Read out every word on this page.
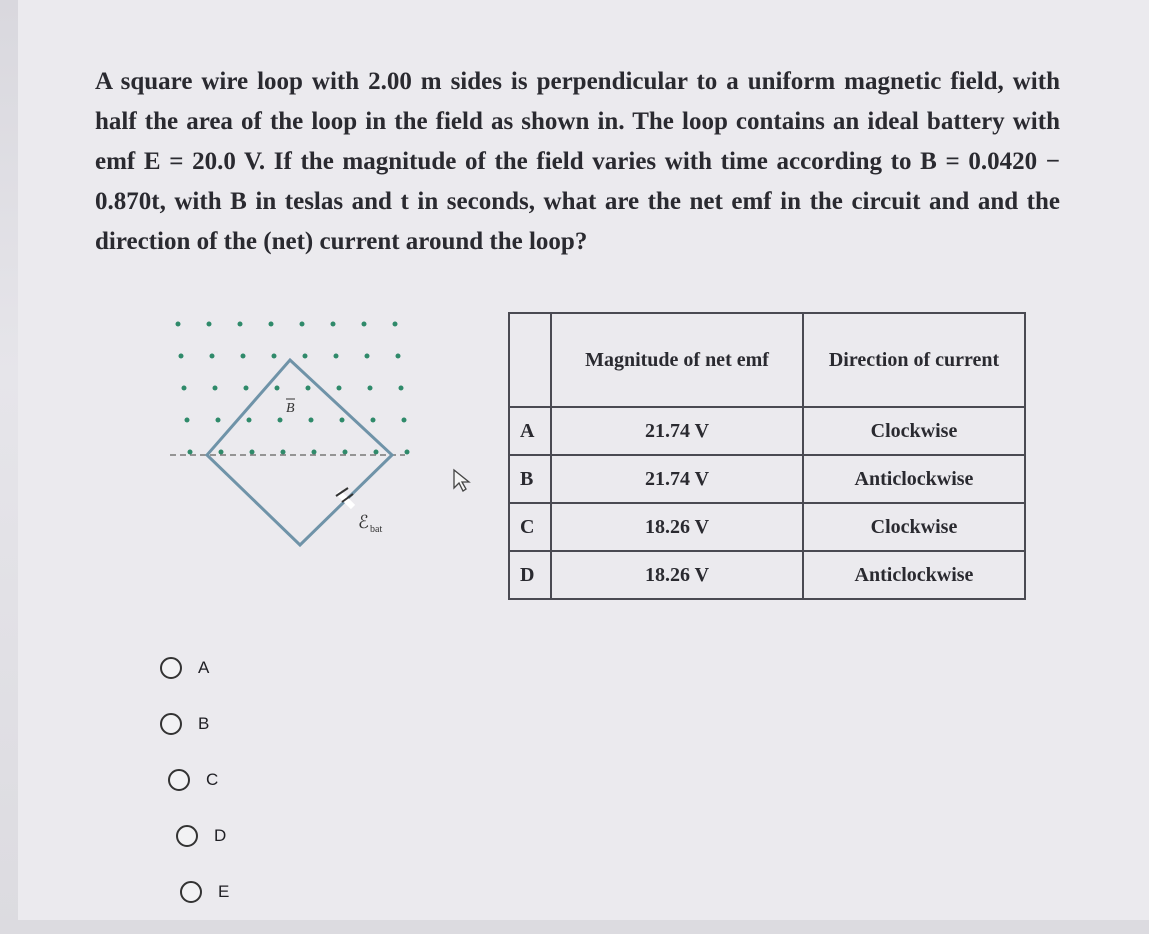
A square wire loop with 2.00 m sides is perpendicular to a uniform magnetic field, with half the area of the loop in the field as shown in. The loop contains an ideal battery with emf E = 20.0 V. If the magnitude of the field varies with time according to B = 0.0420 − 0.870t, with B in teslas and t in seconds, what are the net emf in the circuit and and the direction of the (net) current around the loop?

B
ℰ bat
	Magnitude of net emf	Direction of current
A	21.74 V	Clockwise
B	21.74 V	Anticlockwise
C	18.26 V	Clockwise
D	18.26 V	Anticlockwise
A
B
C
D
E
